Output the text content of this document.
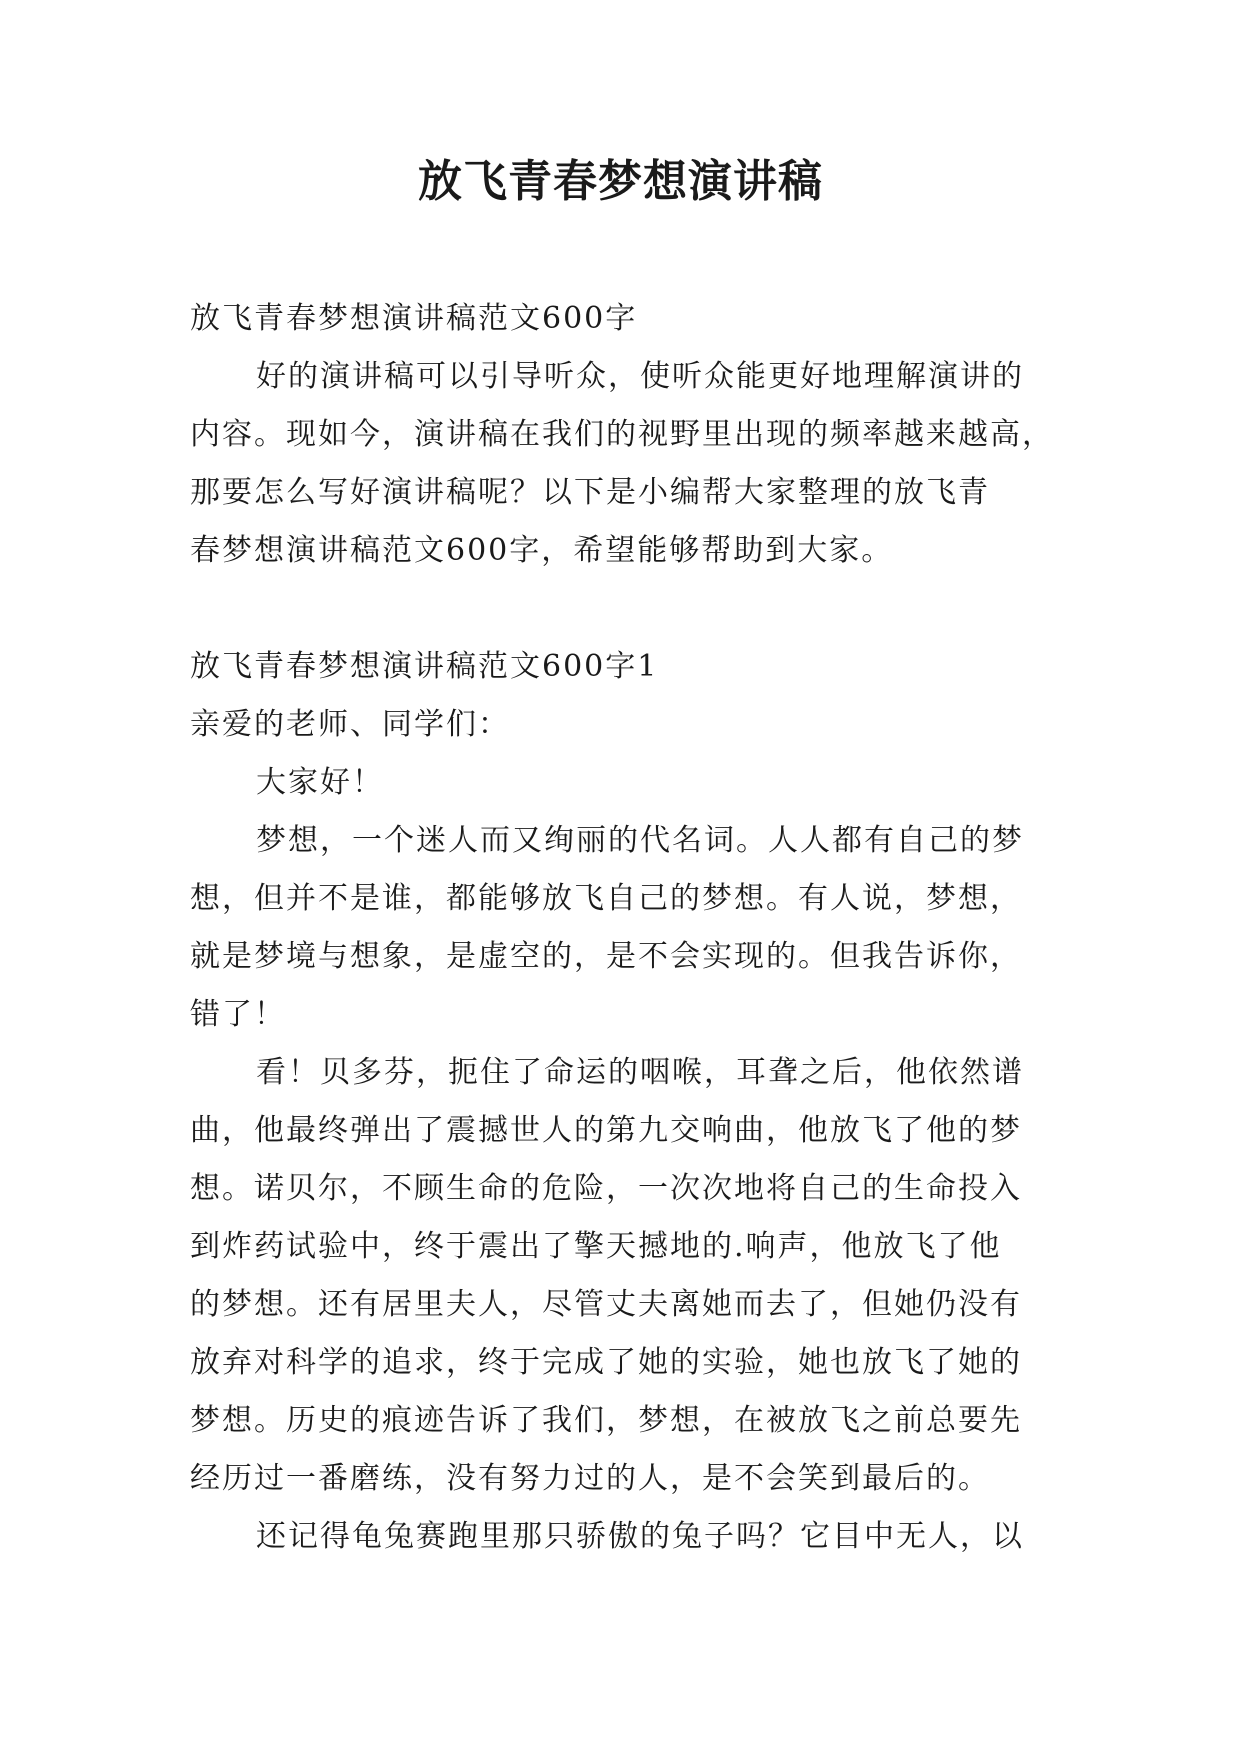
放飞青春梦想演讲稿
放飞青春梦想演讲稿范文600字
好的演讲稿可以引导听众，使听众能更好地理解演讲的
内容。现如今，演讲稿在我们的视野里出现的频率越来越高，
那要怎么写好演讲稿呢？以下是小编帮大家整理的放飞青
春梦想演讲稿范文600字，希望能够帮助到大家。
放飞青春梦想演讲稿范文600字1
亲爱的老师、同学们：
大家好！
梦想，一个迷人而又绚丽的代名词。人人都有自己的梦
想，但并不是谁，都能够放飞自己的梦想。有人说，梦想，
就是梦境与想象，是虚空的，是不会实现的。但我告诉你，
错了！
看！贝多芬，扼住了命运的咽喉，耳聋之后，他依然谱
曲，他最终弹出了震撼世人的第九交响曲，他放飞了他的梦
想。诺贝尔，不顾生命的危险，一次次地将自己的生命投入
到炸药试验中，终于震出了擎天撼地的.响声，他放飞了他
的梦想。还有居里夫人，尽管丈夫离她而去了，但她仍没有
放弃对科学的追求，终于完成了她的实验，她也放飞了她的
梦想。历史的痕迹告诉了我们，梦想，在被放飞之前总要先
经历过一番磨练，没有努力过的人，是不会笑到最后的。
还记得龟兔赛跑里那只骄傲的兔子吗？它目中无人，以
